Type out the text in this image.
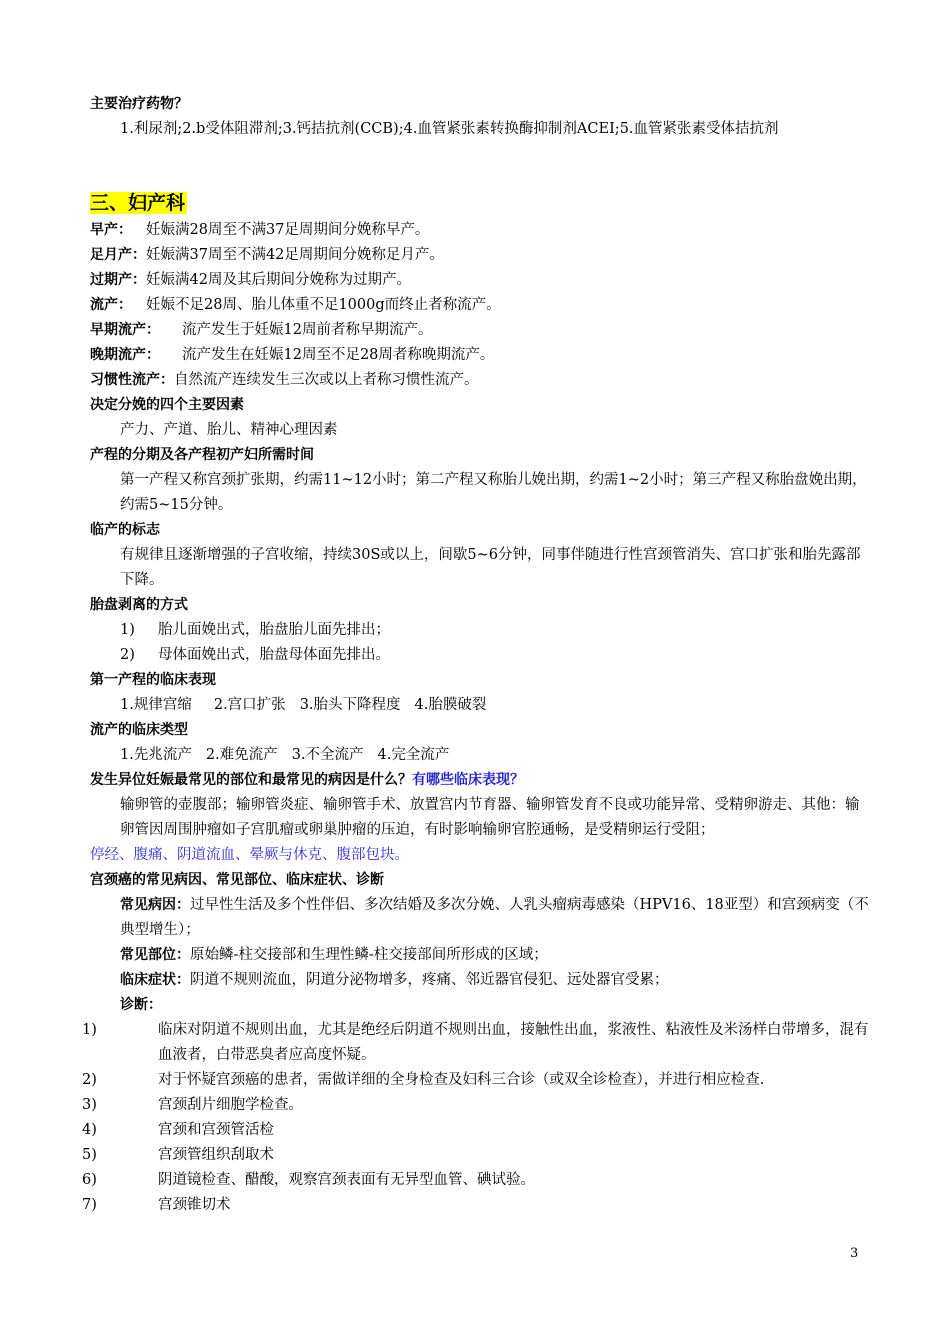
主要治疗药物？
1.利尿剂;2.b受体阻滞剂;3.钙拮抗剂(CCB);4.血管紧张素转换酶抑制剂ACEI;5.血管紧张素受体拮抗剂
三、妇产科
早产： 妊娠满28周至不满37足周期间分娩称早产。
足月产：妊娠满37周至不满42足周期间分娩称足月产。
过期产：妊娠满42周及其后期间分娩称为过期产。
流产： 妊娠不足28周、胎儿体重不足1000g而终止者称流产。
早期流产： 流产发生于妊娠12周前者称早期流产。
晚期流产： 流产发生在妊娠12周至不足28周者称晚期流产。
习惯性流产：自然流产连续发生三次或以上者称习惯性流产。
决定分娩的四个主要因素
产力、产道、胎儿、精神心理因素
产程的分期及各产程初产妇所需时间
第一产程又称宫颈扩张期，约需11~12小时；第二产程又称胎儿娩出期，约需1~2小时；第三产程又称胎盘娩出期，约需5~15分钟。
临产的标志
有规律且逐渐增强的子宫收缩，持续30S或以上，间歇5~6分钟，同事伴随进行性宫颈管消失、宫口扩张和胎先露部下降。
胎盘剥离的方式
1) 胎儿面娩出式，胎盘胎儿面先排出；
2) 母体面娩出式，胎盘母体面先排出。
第一产程的临床表现
1.规律宫缩 2.宫口扩张 3.胎头下降程度 4.胎膜破裂
流产的临床类型
1.先兆流产 2.难免流产 3.不全流产 4.完全流产
发生异位妊娠最常见的部位和最常见的病因是什么？有哪些临床表现？
输卵管的壶腹部；输卵管炎症、输卵管手术、放置宫内节育器、输卵管发育不良或功能异常、受精卵游走、其他：输卵管因周围肿瘤如子宫肌瘤或卵巢肿瘤的压迫，有时影响输卵官腔通畅，是受精卵运行受阻；
停经、腹痛、阴道流血、晕厥与休克、腹部包块。
宫颈癌的常见病因、常见部位、临床症状、诊断
常见病因：过早性生活及多个性伴侣、多次结婚及多次分娩、人乳头瘤病毒感染（HPV16、18亚型）和宫颈病变（不典型增生）；
常见部位：原始鳞-柱交接部和生理性鳞-柱交接部间所形成的区域；
临床症状：阴道不规则流血，阴道分泌物增多，疼痛、邻近器官侵犯、远处器官受累；
诊断：
1)	临床对阴道不规则出血，尤其是绝经后阴道不规则出血，接触性出血，浆液性、粘液性及米汤样白带增多，混有血液者，白带恶臭者应高度怀疑。
2)	对于怀疑宫颈癌的患者，需做详细的全身检查及妇科三合诊（或双全诊检查），并进行相应检查.
3)	宫颈刮片细胞学检查。
4)	宫颈和宫颈管活检
5)	宫颈管组织刮取术
6)	阴道镜检查、醋酸，观察宫颈表面有无异型血管、碘试验。
7)	宫颈锥切术
3
